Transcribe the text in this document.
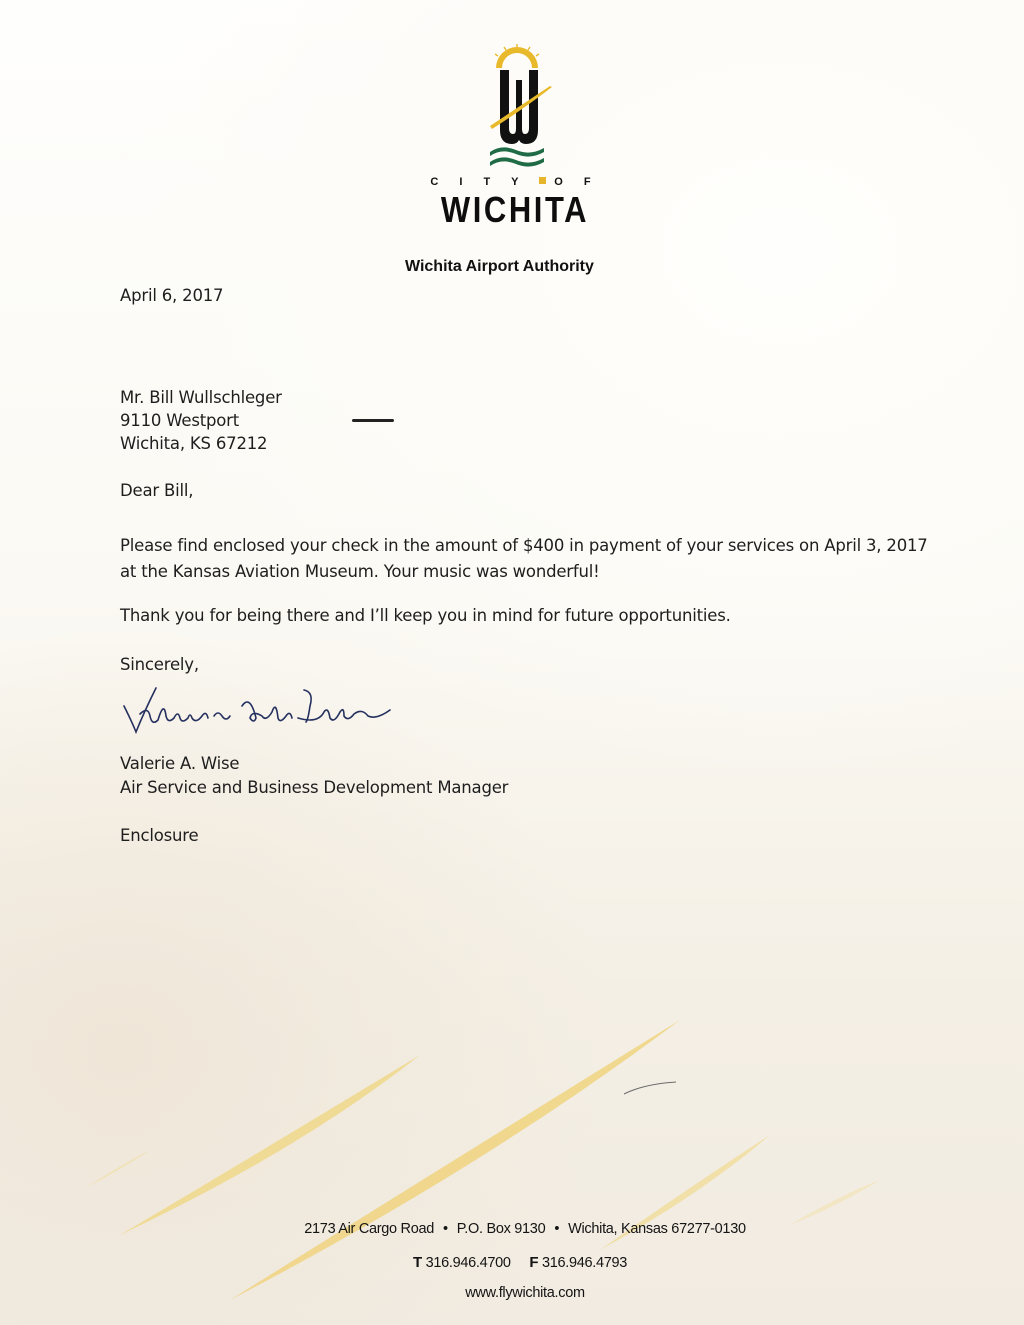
C I T Y O F
WICHITA
Wichita Airport Authority
April 6, 2017
Mr. Bill Wullschleger
9110 Westport
Wichita, KS 67212
Dear Bill,
Please find enclosed your check in the amount of $400 in payment of your services on April 3, 2017 at the Kansas Aviation Museum. Your music was wonderful!
Thank you for being there and I’ll keep you in mind for future opportunities.
Sincerely,
Valerie A. Wise
Air Service and Business Development Manager
Enclosure
2173 Air Cargo Road • P.O. Box 9130 • Wichita, Kansas 67277-0130
T 316.946.4700 F 316.946.4793
www.flywichita.com
